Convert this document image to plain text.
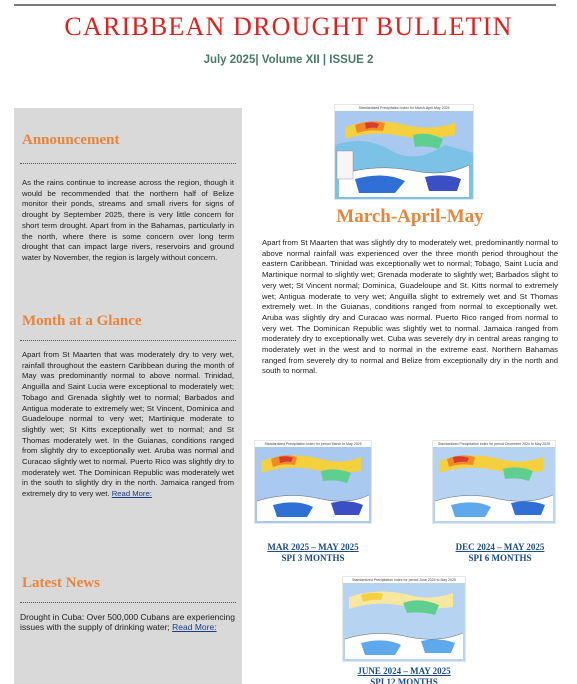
CARIBBEAN DROUGHT BULLETIN
July 2025| Volume XII | ISSUE 2
Announcement
As the rains continue to increase across the region, though it would be recommended that the northern half of Belize monitor their ponds, streams and small rivers for signs of drought by September 2025, there is very little concern for short term drought. Apart from in the Bahamas, particularly in the north, where there is some concern over long term drought that can impact large rivers, reservoirs and ground water by November, the region is largely without concern.
Month at a Glance
Apart from St Maarten that was moderately dry to very wet, rainfall throughout the eastern Caribbean during the month of May was predominantly normal to above normal. Trinidad, Anguilla and Saint Lucia were exceptional to moderately wet; Tobago and Grenada slightly wet to normal; Barbados and Antigua moderate to extremely wet; St Vincent, Dominica and Guadeloupe normal to very wet; Martinique moderate to slightly wet; St Kitts exceptionally wet to normal; and St Thomas moderately wet. In the Guianas, conditions ranged from slightly dry to exceptionally wet. Aruba was normal and Curacao slightly wet to normal. Puerto Rico was slightly dry to moderately wet. The Dominican Republic was moderately wet in the south to slightly dry in the north. Jamaica ranged from extremely dry to very wet. Read More:
Latest News
Drought in Cuba: Over 500,000 Cubans are experiencing issues with the supply of drinking water; Read More:
Standardized Precipitation Index for March-April-May 2025
March-April-May
Apart from St Maarten that was slightly dry to moderately wet, predominantly normal to above normal rainfall was experienced over the three month period throughout the eastern Caribbean. Trinidad was exceptionally wet to normal; Tobago, Saint Lucia and Martinique normal to slightly wet; Grenada moderate to slightly wet; Barbados slight to very wet; St Vincent normal; Dominica, Guadeloupe and St. Kitts normal to extremely wet; Antigua moderate to very wet; Anguilla slight to extremely wet and St Thomas extremely wet. In the Guianas, conditions ranged from normal to exceptionally wet. Aruba was slightly dry and Curacao was normal. Puerto Rico ranged from normal to very wet. The Dominican Republic was slightly wet to normal. Jamaica ranged from moderately dry to exceptionally wet. Cuba was severely dry in central areas ranging to moderately wet in the west and to normal in the extreme east. Northern Bahamas ranged from severely dry to normal and Belize from exceptionally dry in the north and south to normal.
Standardized Precipitation Index for period March to May 2025
MAR 2025 – MAY 2025
SPI 3 MONTHS
Standardized Precipitation Index for period December 2024 to May 2025
DEC 2024 – MAY 2025
SPI 6 MONTHS
Standardized Precipitation Index for period June 2024 to May 2025
JUNE 2024 – MAY 2025
SPI 12 MONTHS
